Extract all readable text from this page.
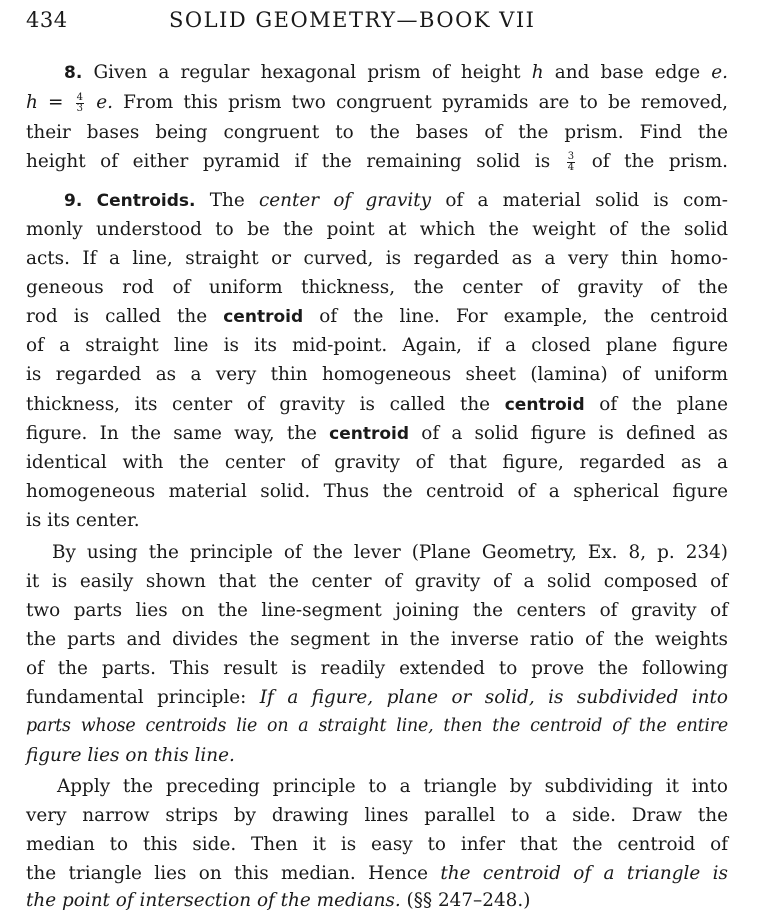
434	SOLID GEOMETRY—BOOK VII
8. Given a regular hexagonal prism of height h and base edge e.
$h = \frac{4}{3} e$. From this prism two congruent pyramids are to be removed,
their bases being congruent to the bases of the prism. Find the
height of either pyramid if the remaining solid is $\frac{3}{4}$ of the prism.
9. Centroids. The center of gravity of a material solid is com-
monly understood to be the point at which the weight of the solid
acts. If a line, straight or curved, is regarded as a very thin homo-
geneous rod of uniform thickness, the center of gravity of the
rod is called the centroid of the line. For example, the centroid
of a straight line is its mid-point. Again, if a closed plane figure
is regarded as a very thin homogeneous sheet (lamina) of uniform
thickness, its center of gravity is called the centroid of the plane
figure. In the same way, the centroid of a solid figure is defined as
identical with the center of gravity of that figure, regarded as a
homogeneous material solid. Thus the centroid of a spherical figure
is its center.
By using the principle of the lever (Plane Geometry, Ex. 8, p. 234)
it is easily shown that the center of gravity of a solid composed of
two parts lies on the line-segment joining the centers of gravity of
the parts and divides the segment in the inverse ratio of the weights
of the parts. This result is readily extended to prove the following
fundamental principle: If a figure, plane or solid, is subdivided into
parts whose centroids lie on a straight line, then the centroid of the entire
figure lies on this line.
Apply the preceding principle to a triangle by subdividing it into
very narrow strips by drawing lines parallel to a side. Draw the
median to this side. Then it is easy to infer that the centroid of
the triangle lies on this median. Hence the centroid of a triangle is
the point of intersection of the medians. (§§ 247–248.)
